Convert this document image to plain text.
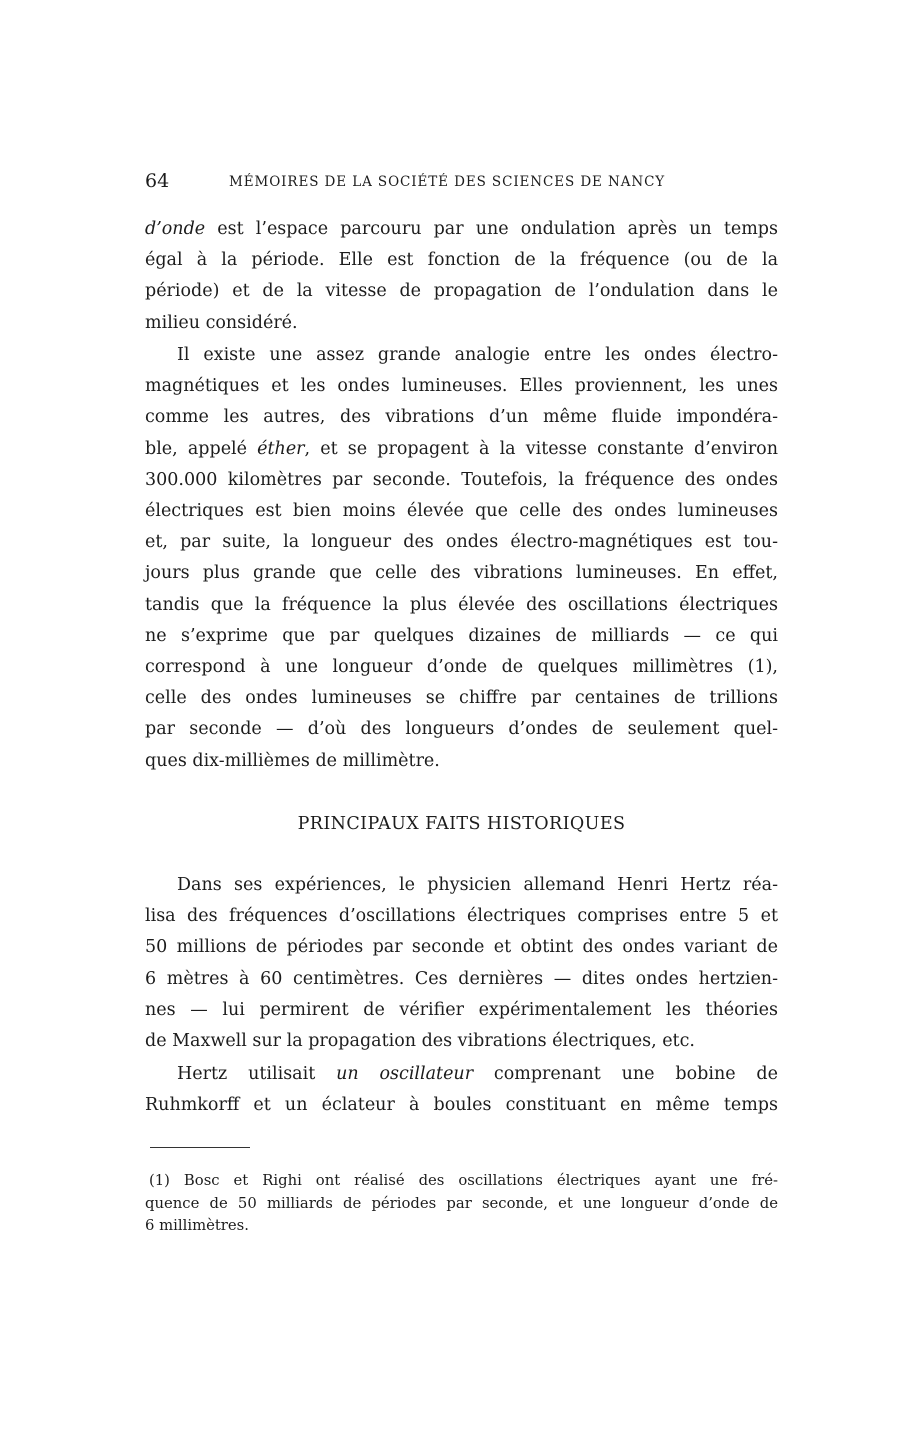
64	MÉMOIRES DE LA SOCIÉTÉ DES SCIENCES DE NANCY
d’onde est l’espace parcouru par une ondulation après un temps
égal à la période. Elle est fonction de la fréquence (ou de la
période) et de la vitesse de propagation de l’ondulation dans le
milieu considéré.
Il existe une assez grande analogie entre les ondes électro-
magnétiques et les ondes lumineuses. Elles proviennent, les unes
comme les autres, des vibrations d’un même fluide impondéra-
ble, appelé éther, et se propagent à la vitesse constante d’environ
300.000 kilomètres par seconde. Toutefois, la fréquence des ondes
électriques est bien moins élevée que celle des ondes lumineuses
et, par suite, la longueur des ondes électro-magnétiques est tou-
jours plus grande que celle des vibrations lumineuses. En effet,
tandis que la fréquence la plus élevée des oscillations électriques
ne s’exprime que par quelques dizaines de milliards — ce qui
correspond à une longueur d’onde de quelques millimètres (1),
celle des ondes lumineuses se chiffre par centaines de trillions
par seconde — d’où des longueurs d’ondes de seulement quel-
ques dix-millièmes de millimètre.
PRINCIPAUX FAITS HISTORIQUES
Dans ses expériences, le physicien allemand Henri Hertz réa-
lisa des fréquences d’oscillations électriques comprises entre 5 et
50 millions de périodes par seconde et obtint des ondes variant de
6 mètres à 60 centimètres. Ces dernières — dites ondes hertzien-
nes — lui permirent de vérifier expérimentalement les théories
de Maxwell sur la propagation des vibrations électriques, etc.
Hertz utilisait un oscillateur comprenant une bobine de
Ruhmkorff et un éclateur à boules constituant en même temps
(1) Bosc et Righi ont réalisé des oscillations électriques ayant une fré-
quence de 50 milliards de périodes par seconde, et une longueur d’onde de
6 millimètres.
